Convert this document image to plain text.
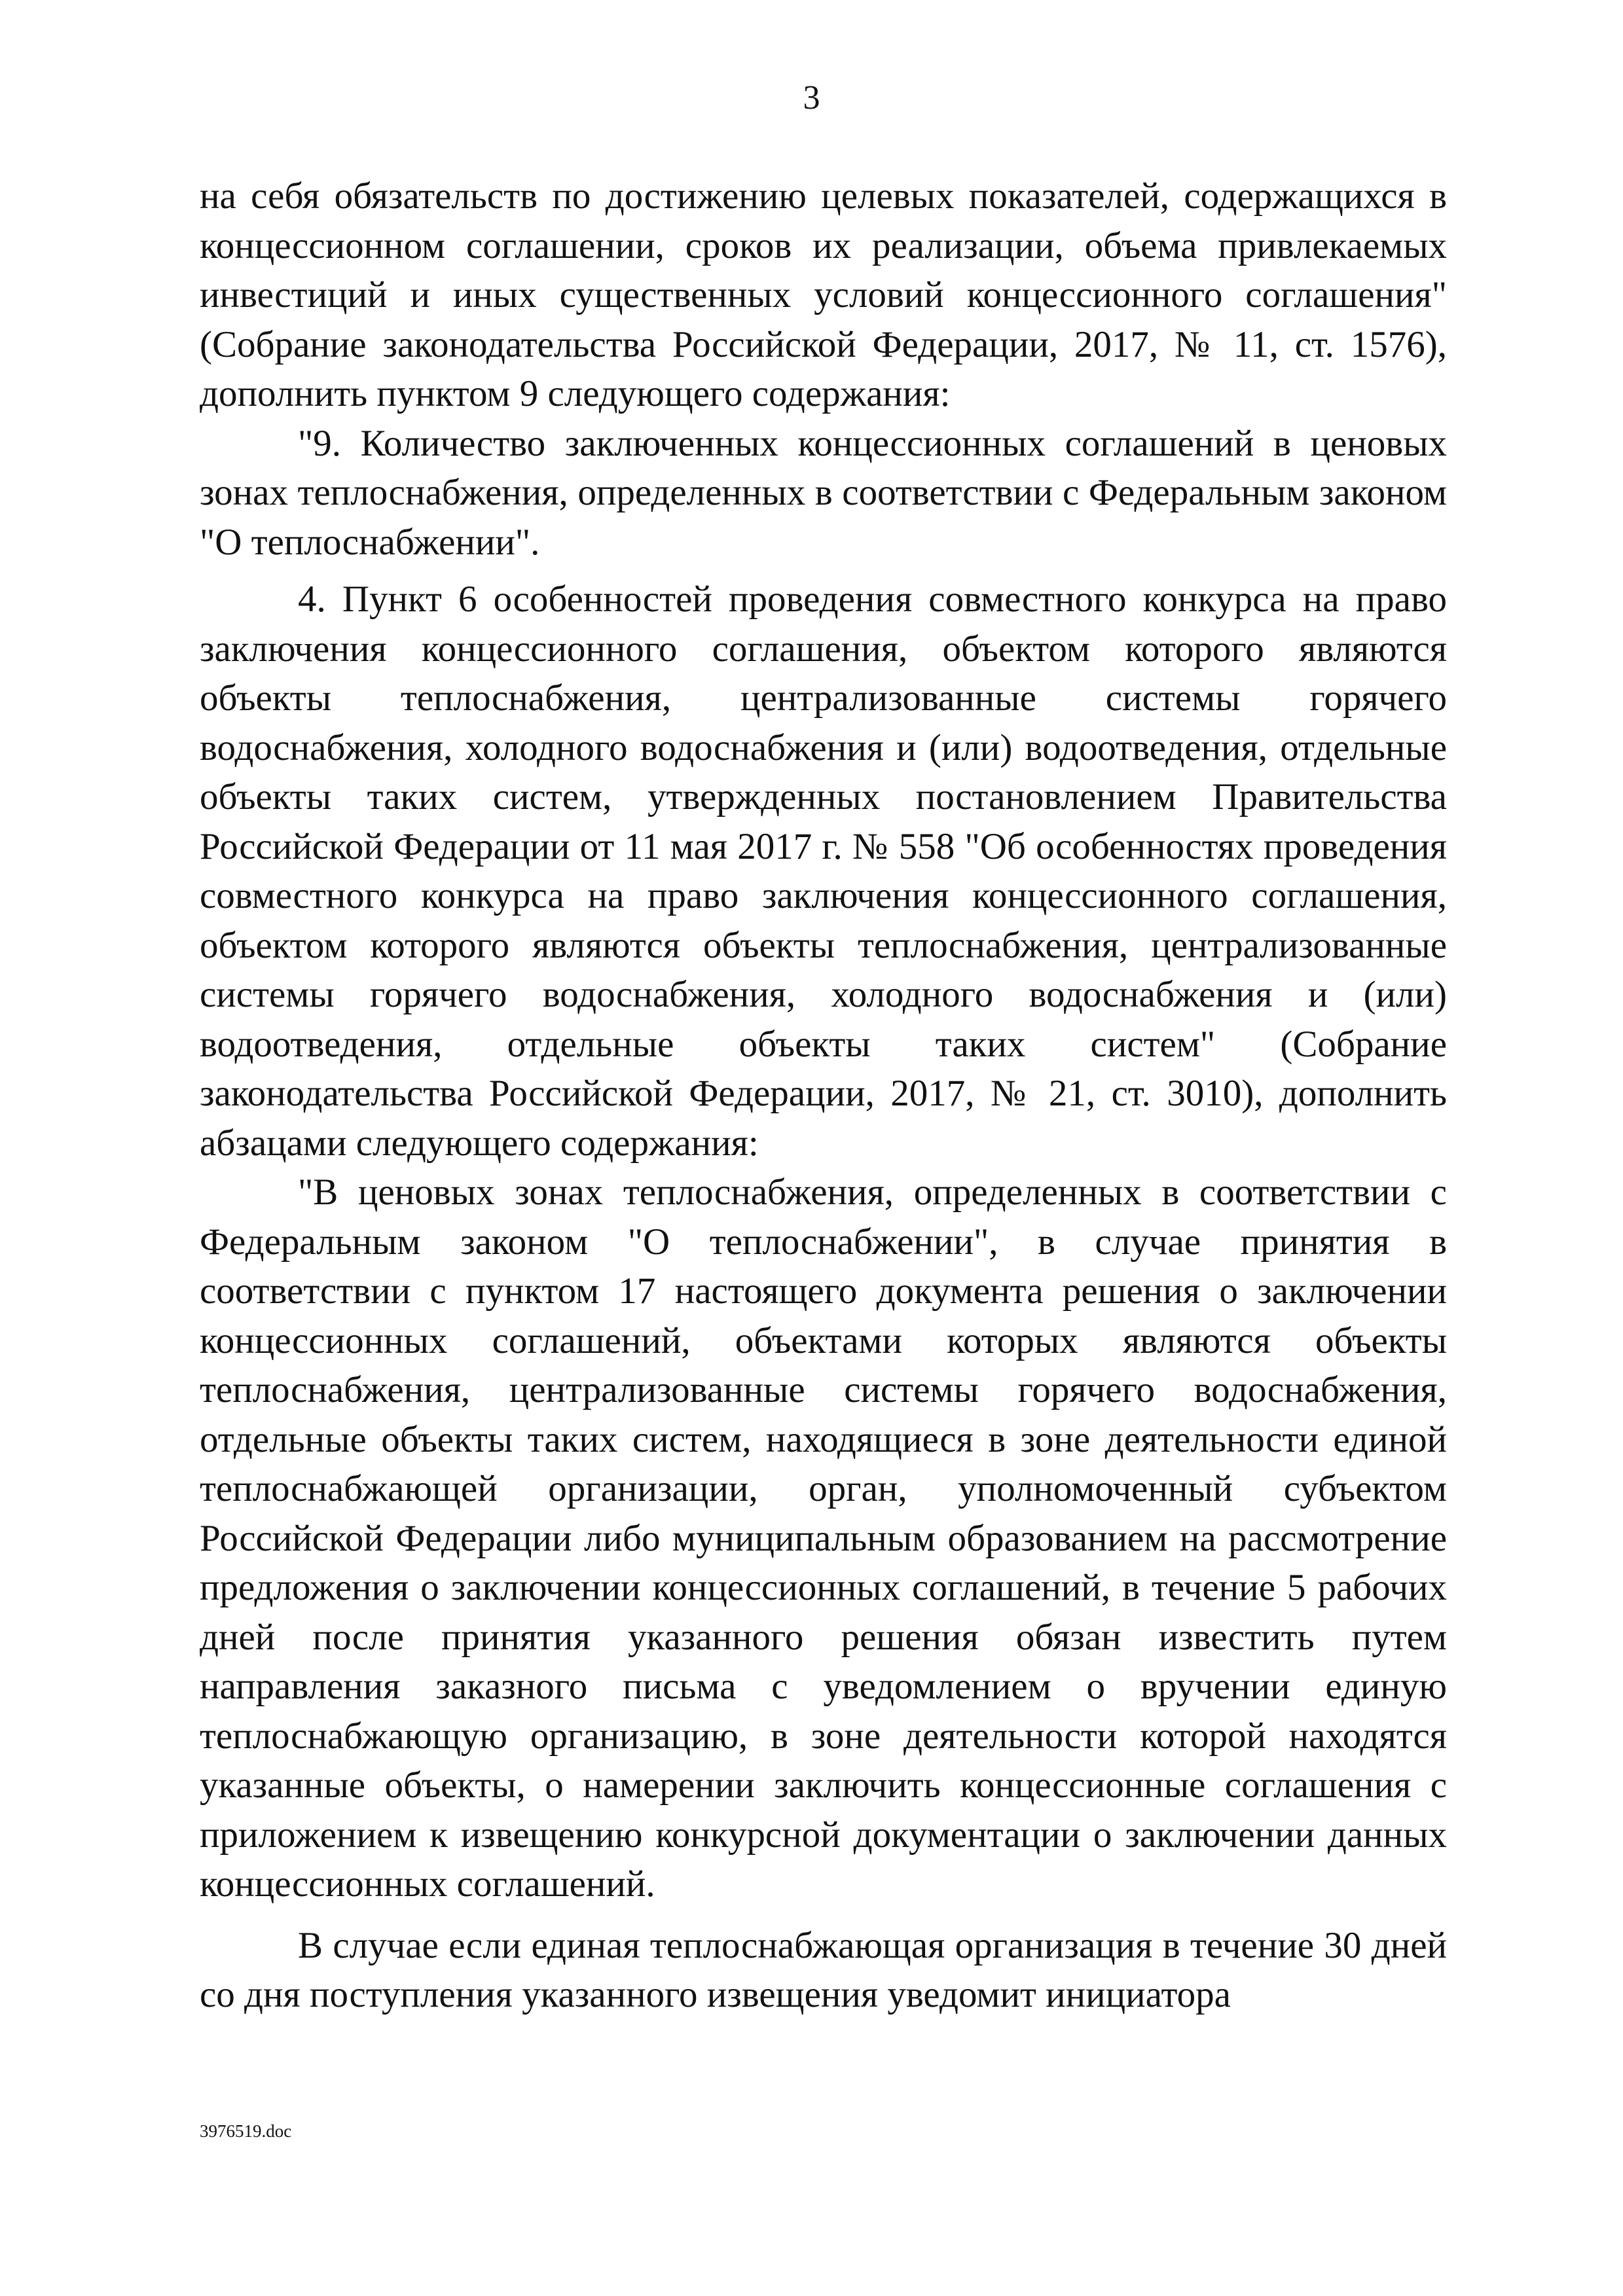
3

на себя обязательств по достижению целевых показателей, содержащихся в концессионном соглашении, сроков их реализации, объема привлекаемых инвестиций и иных существенных условий концессионного соглашения" (Собрание законодательства Российской Федерации, 2017, № 11, ст. 1576), дополнить пунктом 9 следующего содержания:

"9. Количество заключенных концессионных соглашений в ценовых зонах теплоснабжения, определенных в соответствии с Федеральным законом "О теплоснабжении".

4. Пункт 6 особенностей проведения совместного конкурса на право заключения концессионного соглашения, объектом которого являются объекты теплоснабжения, централизованные системы горячего водоснабжения, холодного водоснабжения и (или) водоотведения, отдельные объекты таких систем, утвержденных постановлением Правительства Российской Федерации от 11 мая 2017 г. № 558 "Об особенностях проведения совместного конкурса на право заключения концессионного соглашения, объектом которого являются объекты теплоснабжения, централизованные системы горячего водоснабжения, холодного водоснабжения и (или) водоотведения, отдельные объекты таких систем" (Собрание законодательства Российской Федерации, 2017, № 21, ст. 3010), дополнить абзацами следующего содержания:

"В ценовых зонах теплоснабжения, определенных в соответствии с Федеральным законом "О теплоснабжении", в случае принятия в соответствии с пунктом 17 настоящего документа решения о заключении концессионных соглашений, объектами которых являются объекты теплоснабжения, централизованные системы горячего водоснабжения, отдельные объекты таких систем, находящиеся в зоне деятельности единой теплоснабжающей организации, орган, уполномоченный субъектом Российской Федерации либо муниципальным образованием на рассмотрение предложения о заключении концессионных соглашений, в течение 5 рабочих дней после принятия указанного решения обязан известить путем направления заказного письма с уведомлением о вручении единую теплоснабжающую организацию, в зоне деятельности которой находятся указанные объекты, о намерении заключить концессионные соглашения с приложением к извещению конкурсной документации о заключении данных концессионных соглашений.

В случае если единая теплоснабжающая организация в течение 30 дней со дня поступления указанного извещения уведомит инициатора

3976519.doc
